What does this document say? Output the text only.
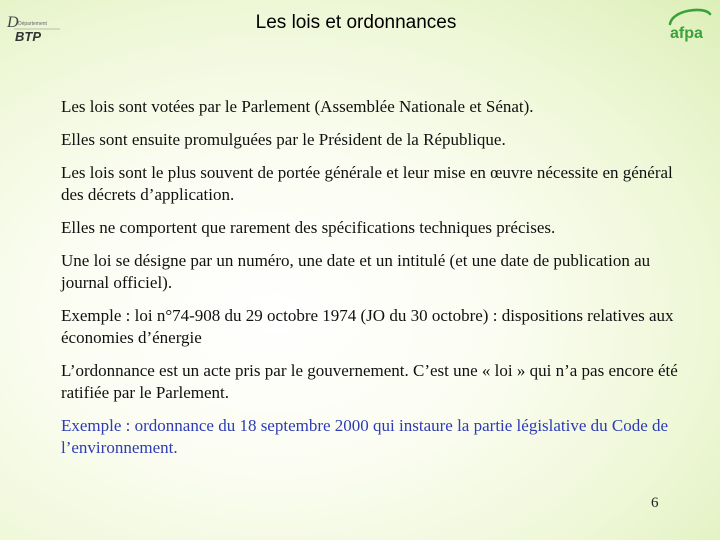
D Département
BTP
Les lois et ordonnances
afpa

Les lois sont votées par le Parlement (Assemblée Nationale et Sénat).

Elles sont ensuite promulguées par le Président de la République.

Les lois sont le plus souvent de portée générale et leur mise en œuvre nécessite en général des décrets d’application.

Elles ne comportent que rarement des spécifications techniques précises.

Une loi se désigne par un numéro, une date et un intitulé (et une date de publication au journal officiel).

Exemple : loi n°74-908 du 29 octobre 1974 (JO du 30 octobre) : dispositions relatives aux économies d’énergie

L’ordonnance est un acte pris par le gouvernement. C’est une « loi » qui n’a pas encore été ratifiée par le Parlement.

Exemple : ordonnance du 18 septembre 2000 qui instaure la partie législative du Code de l’environnement.

6
